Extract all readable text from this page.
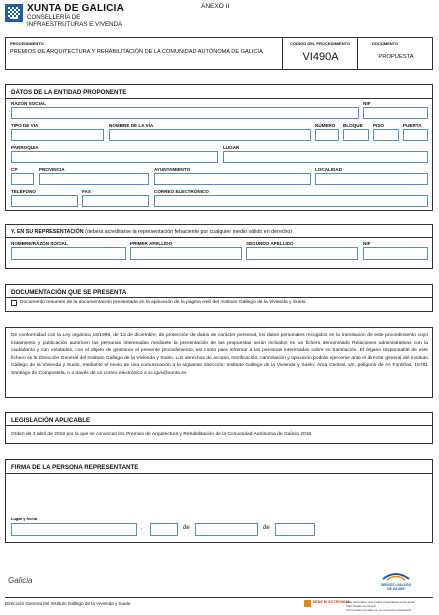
XUNTA DE GALICIA
CONSELLERÍA DE
INFRAESTRUTURAS E VIVENDA
ANEXO II
PROCEDIMIENTO
PREMIOS DE ARQUITECTURA Y REHABILITACIÓN DE LA COMUNIDAD AUTÓNOMA DE GALICIA
CÓDIGO DEL PROCEDIMIENTO
VI490A
DOCUMENTO
PROPUESTA
DATOS DE LA ENTIDAD PROPONENTE
RAZÓN SOCIAL	NIF
TIPO DE VÍA	NOMBRE DE LA VÍA	NÚMERO BLOQUE PISO	PUERTA
PARROQUIA	LUGAR
CP	PROVINCIA	AYUNTAMIENTO	LOCALIDAD
TELÉFONO	FAX	CORREO ELECTRÓNICO
Y, EN SU REPRESENTACIÓN (deberá acreditarse la representación fehaciente por cualquier medio válido en derecho)
NOMBRE/RAZÓN SOCIAL	PRIMER APELLIDO	SEGUNDO APELLIDO	NIF
DOCUMENTACIÓN QUE SE PRESENTA
Documento resumen de la documentación presentada en la aplicación de la página web del Instituto Gallego de la Vivienda y Suelo.
De conformidad con la Ley orgánica 15/1999, de 13 de diciembre, de protección de datos de carácter personal, los datos personales recogidos en la tramitación de este procedimiento cuyo tratamiento y publicación autoricen las personas interesadas mediante la presentación de las propuestas serán incluidos en un fichero denominado Relaciones administrativas con la ciudadanía y con entidades, con el objeto de gestionar el presente procedimiento, así como para informar a las personas interesadas sobre su tramitación. El órgano responsable de este fichero es la Dirección General del Instituto Gallego de la Vivienda y Suelo. Los derechos de acceso, rectificación, cancelación y oposición podrán ejercerse ante el director general del Instituto Gallego de la Vivienda y Suelo, mediante el envío de una comunicación a la siguiente dirección: Instituto Gallego de la Vivienda y Suelo, Área Central, s/n, polígono de As Fontiñas, 15781 Santiago de Compostela, o a través de un correo electrónico a sc.igvs@xunta.es
LEGISLACIÓN APLICABLE
Orden de 3 abril de 2018 por la que se convocan los Premios de Arquitectura y Rehabilitación de la Comunidad Autónoma de Galicia 2018.
FIRMA DE LA PERSONA REPRESENTANTE
Lugar y fecha
,	de	de
Galicia	SERVIZO GALEGO
DE SAÚDE
Dirección General del Instituto Gallego de la Vivienda y Suelo	SEDE ELECTRÓNICA
Este formulario solo podrá presentarse en la sede https://sede.xunta.gal
Sin formato primario en su conexión regulatoria
